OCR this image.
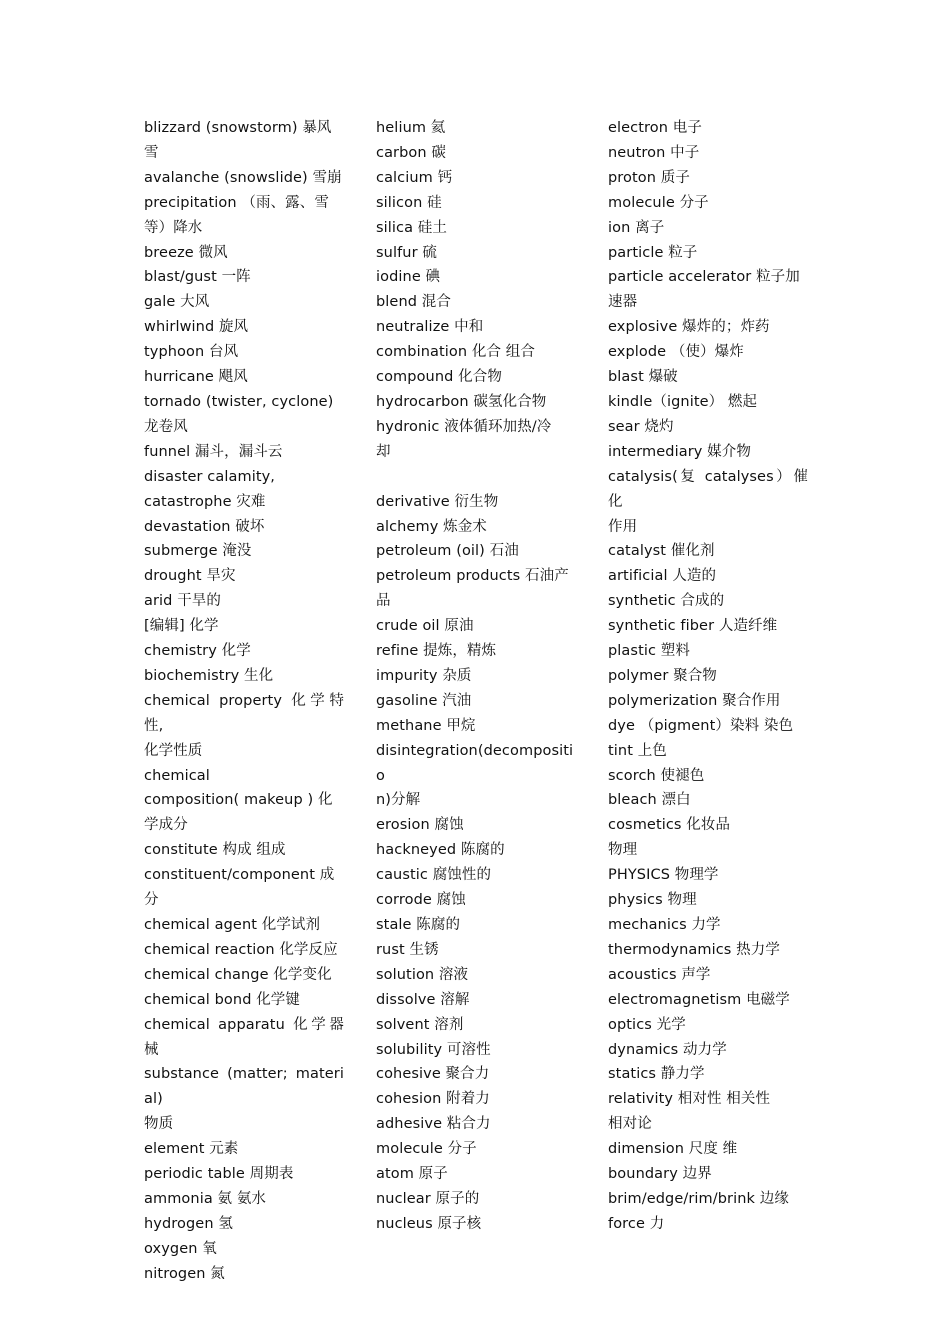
blizzard (snowstorm) 暴风
雪
avalanche (snowslide) 雪崩
precipitation （雨、露、雪
等）降水
breeze 微风
blast/gust 一阵
gale 大风
whirlwind 旋风
typhoon 台风
hurricane 飓风
tornado (twister, cyclone)
龙卷风
funnel 漏斗，漏斗云
disaster calamity,
catastrophe 灾难
devastation 破坏
submerge 淹没
drought 旱灾
arid 干旱的
[编辑] 化学
chemistry 化学
biochemistry 生化
chemical property 化学特性,
化学性质
chemical
composition( makeup ) 化
学成分
constitute 构成 组成
constituent/component 成
分
chemical agent 化学试剂
chemical reaction 化学反应
chemical change 化学变化
chemical bond 化学键
chemical apparatu 化学器械
substance (matter; material)
物质
element 元素
periodic table 周期表
ammonia 氨 氨水
hydrogen 氢
oxygen 氧
nitrogen 氮
helium 氦
carbon 碳
calcium 钙
silicon 硅
silica 硅土
sulfur 硫
iodine 碘
blend 混合
neutralize 中和
combination 化合 组合
compound 化合物
hydrocarbon 碳氢化合物
hydronic 液体循环加热/冷
却

derivative 衍生物
alchemy 炼金术
petroleum (oil) 石油
petroleum products 石油产
品
crude oil 原油
refine 提炼，精炼
impurity 杂质
gasoline 汽油
methane 甲烷
disintegration(decompositio
n)分解
erosion 腐蚀
hackneyed 陈腐的
caustic 腐蚀性的
corrode 腐蚀
stale 陈腐的
rust 生锈
solution 溶液
dissolve 溶解
solvent 溶剂
solubility 可溶性
cohesive 聚合力
cohesion 附着力
adhesive 粘合力
molecule 分子
atom 原子
nuclear 原子的
nucleus 原子核
electron 电子
neutron 中子
proton 质子
molecule 分子
ion 离子
particle 粒子
particle accelerator 粒子加
速器
explosive 爆炸的；炸药
explode （使）爆炸
blast 爆破
kindle（ignite） 燃起
sear 烧灼
intermediary 媒介物
catalysis(复 catalyses）催化
作用
catalyst 催化剂
artificial 人造的
synthetic 合成的
synthetic fiber 人造纤维
plastic 塑料
polymer 聚合物
polymerization 聚合作用
dye （pigment）染料 染色
tint 上色
scorch 使褪色
bleach 漂白
cosmetics 化妆品
物理
PHYSICS 物理学
physics 物理
mechanics 力学
thermodynamics 热力学
acoustics 声学
electromagnetism 电磁学
optics 光学
dynamics 动力学
statics 静力学
relativity 相对性 相关性
相对论
dimension 尺度 维
boundary 边界
brim/edge/rim/brink 边缘
force 力
